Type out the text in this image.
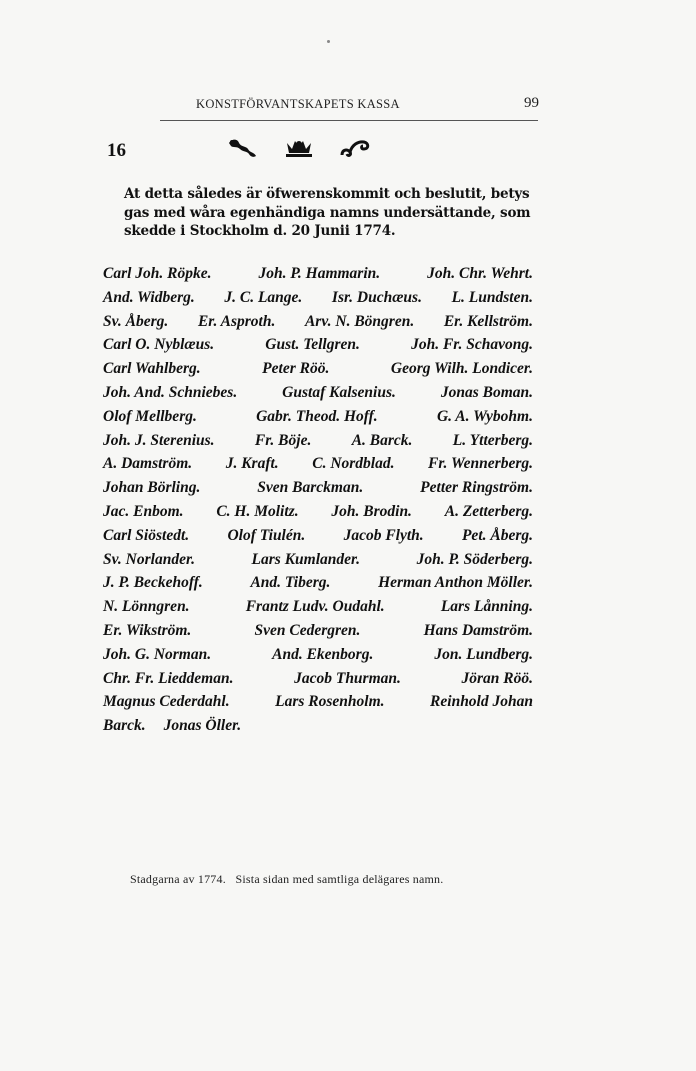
KONSTFÖRVANTSKAPETS KASSA	99
16
At detta således är öfwerenskommit och beslutit, betys
gas med wåra egenhändiga namns undersättande, som
skedde i Stockholm d. 20 Junii 1774.
Carl Joh. Röpke.	Joh. P. Hammarin.	Joh. Chr. Wehrt.
And. Widberg. J. C. Lange. Isr. Duchæus. L. Lundsten.
Sv. Åberg. Er. Asproth. Arv. N. Böngren. Er. Kellström.
Carl O. Nyblæus.	Gust. Tellgren.	Joh. Fr. Schavong.
Carl Wahlberg.	Peter Röö.	Georg Wilh. Londicer.
Joh. And. Schniebes.	Gustaf Kalsenius.	Jonas Boman.
Olof Mellberg.	Gabr. Theod. Hoff.	G. A. Wybohm.
Joh. J. Sterenius.	Fr. Böje.	A. Barck.	L. Ytterberg.
A. Damström. J. Kraft. C. Nordblad. Fr. Wennerberg.
Johan Börling.	Sven Barckman.	Petter Ringström.
Jac. Enbom. C. H. Molitz. Joh. Brodin. A. Zetterberg.
Carl Siöstedt. Olof Tiulén. Jacob Flyth. Pet. Åberg.
Sv. Norlander.	Lars Kumlander.	Joh. P. Söderberg.
J. P. Beckehoff.	And. Tiberg.	Herman Anthon Möller.
N. Lönngren.	Frantz Ludv. Oudahl.	Lars Lånning.
Er. Wikström.	Sven Cedergren.	Hans Damström.
Joh. G. Norman.	And. Ekenborg.	Jon. Lundberg.
Chr. Fr. Lieddeman.	Jacob Thurman.	Jöran Röö.
Magnus Cederdahl.	Lars Rosenholm.	Reinhold Johan
Barck. Jonas Öller.
Stadgarna av 1774.   Sista sidan med samtliga delägares namn.
